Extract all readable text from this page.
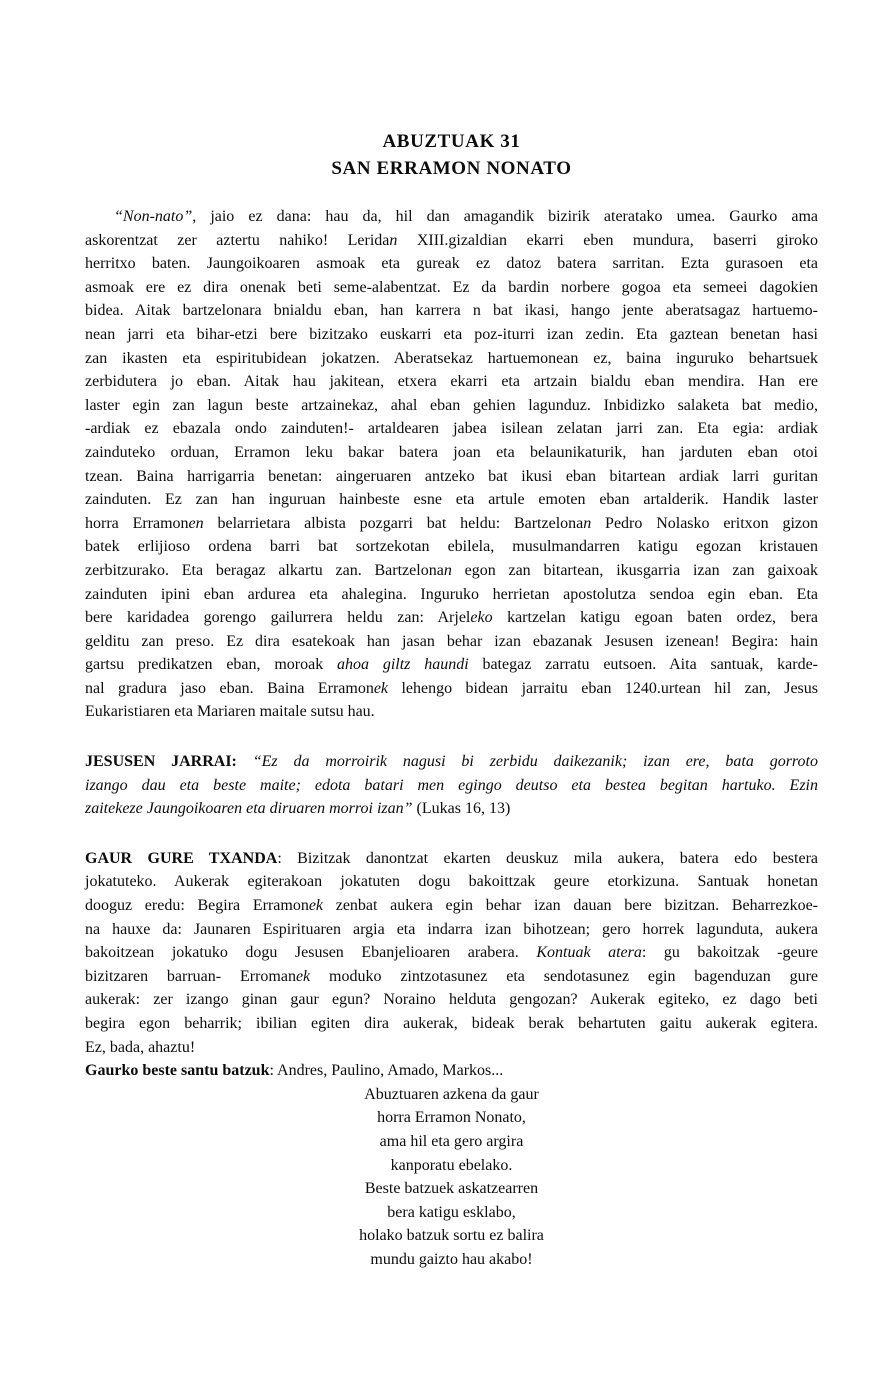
ABUZTUAK 31
SAN ERRAMON NONATO
“Non-nato”, jaio ez dana: hau da, hil dan amagandik bizirik ateratako umea. Gaurko ama
askorentzat zer aztertu nahiko! Leridan XIII.gizaldian ekarri eben mundura, baserri giroko
herritxo baten. Jaungoikoaren asmoak eta gureak ez datoz batera sarritan. Ezta gurasoen eta
asmoak ere ez dira onenak beti seme-alabentzat. Ez da bardin norbere gogoa eta semeei dagokien
bidea. Aitak bartzelonara bnialdu eban, han karrera n bat ikasi, hango jente aberatsagaz hartuemo-
nean jarri eta bihar-etzi bere bizitzako euskarri eta poz-iturri izan zedin. Eta gaztean benetan hasi
zan ikasten eta espiritubidean jokatzen. Aberatsekaz hartuemonean ez, baina inguruko behartsuek
zerbidutera jo eban. Aitak hau jakitean, etxera ekarri eta artzain bialdu eban mendira. Han ere
laster egin zan lagun beste artzainekaz, ahal eban gehien lagunduz. Inbidizko salaketa bat medio,
-ardiak ez ebazala ondo zainduten!- artaldearen jabea isilean zelatan jarri zan. Eta egia: ardiak
zainduteko orduan, Erramon leku bakar batera joan eta belaunikaturik, han jarduten eban otoi
tzean. Baina harrigarria benetan: aingeruaren antzeko bat ikusi eban bitartean ardiak larri guritan
zainduten. Ez zan han inguruan hainbeste esne eta artule emoten eban artalderik. Handik laster
horra Erramonen belarrietara albista pozgarri bat heldu: Bartzelonan Pedro Nolasko eritxon gizon
batek erlijioso ordena barri bat sortzekotan ebilela, musulmandarren katigu egozan kristauen
zerbitzurako. Eta beragaz alkartu zan. Bartzelonan egon zan bitartean, ikusgarria izan zan gaixoak
zainduten ipini eban ardurea eta ahalegina. Inguruko herrietan apostolutza sendoa egin eban. Eta
bere karidadea gorengo gailurrera heldu zan: Arjeleko kartzelan katigu egoan baten ordez, bera
gelditu zan preso. Ez dira esatekoak han jasan behar izan ebazanak Jesusen izenean! Begira: hain
gartsu predikatzen eban, moroak ahoa giltz haundi bategaz zarratu eutsoen. Aita santuak, karde-
nal gradura jaso eban. Baina Erramonek lehengo bidean jarraitu eban 1240.urtean hil zan, Jesus
Eukaristiaren eta Mariaren maitale sutsu hau.
JESUSEN JARRAI: “Ez da morroirik nagusi bi zerbidu daikezanik; izan ere, bata gorroto
izango dau eta beste maite; edota batari men egingo deutso eta bestea begitan hartuko. Ezin
zaitekeze Jaungoikoaren eta diruaren morroi izan” (Lukas 16, 13)
GAUR GURE TXANDA: Bizitzak danontzat ekarten deuskuz mila aukera, batera edo bestera
jokatuteko. Aukerak egiterakoan jokatuten dogu bakoittzak geure etorkizuna. Santuak honetan
dooguz eredu: Begira Erramonek zenbat aukera egin behar izan dauan bere bizitzan. Beharrezkoe-
na hauxe da: Jaunaren Espirituaren argia eta indarra izan bihotzean; gero horrek lagunduta, aukera
bakoitzean jokatuko dogu Jesusen Ebanjelioaren arabera. Kontuak atera: gu bakoitzak -geure
bizitzaren barruan- Erromanek moduko zintzotasunez eta sendotasunez egin bagenduzan gure
aukerak: zer izango ginan gaur egun? Noraino helduta gengozan? Aukerak egiteko, ez dago beti
begira egon beharrik; ibilian egiten dira aukerak, bideak berak behartuten gaitu aukerak egitera.
Ez, bada, ahaztu!
Gaurko beste santu batzuk: Andres, Paulino, Amado, Markos...
Abuztuaren azkena da gaur
horra Erramon Nonato,
ama hil eta gero argira
kanporatu ebelako.
Beste batzuek askatzearren
bera katigu esklabo,
holako batzuk sortu ez balira
mundu gaizto hau akabo!
